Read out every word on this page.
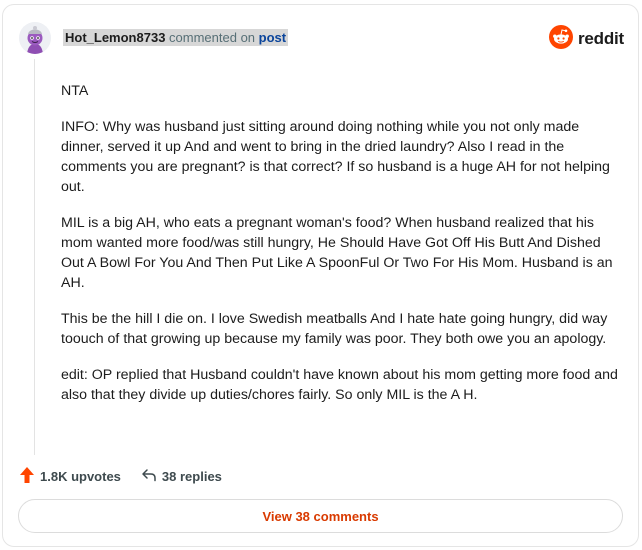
Hot_Lemon8733 commented on post	reddit

NTA

INFO: Why was husband just sitting around doing nothing while you not only made dinner, served it up And and went to bring in the dried laundry? Also I read in the comments you are pregnant? is that correct? If so husband is a huge AH for not helping out.

MIL is a big AH, who eats a pregnant woman's food? When husband realized that his mom wanted more food/was still hungry, He Should Have Got Off His Butt And Dished Out A Bowl For You And Then Put Like A SpoonFul Or Two For His Mom. Husband is an AH.

This be the hill I die on. I love Swedish meatballs And I hate hate going hungry, did way toouch of that growing up because my family was poor. They both owe you an apology.

edit: OP replied that Husband couldn't have known about his mom getting more food and also that they divide up duties/chores fairly. So only MIL is the A H.

1.8K upvotes	38 replies
View 38 comments
